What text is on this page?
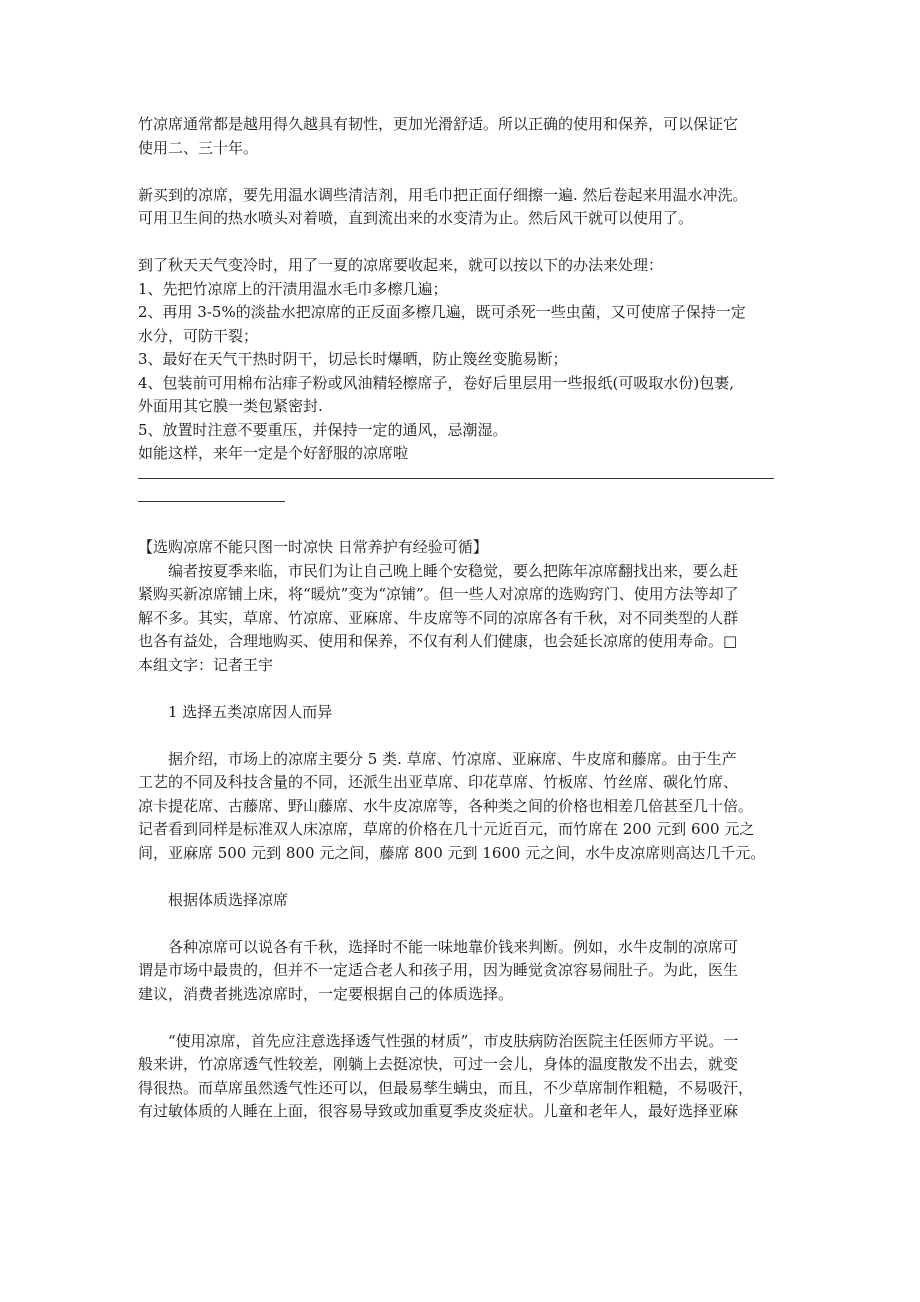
竹凉席通常都是越用得久越具有韧性，更加光滑舒适。所以正确的使用和保养，可以保证它
使用二、三十年。
新买到的凉席，要先用温水调些清洁剂，用毛巾把正面仔细擦一遍. 然后卷起来用温水冲洗。
可用卫生间的热水喷头对着喷，直到流出来的水变清为止。然后风干就可以使用了。
到了秋天天气变冷时，用了一夏的凉席要收起来，就可以按以下的办法来处理：
1、先把竹凉席上的汗渍用温水毛巾多檫几遍；
2、再用 3-5%的淡盐水把凉席的正反面多檫几遍，既可杀死一些虫菌，又可使席子保持一定
水分，可防干裂；
3、最好在天气干热时阴干，切忌长时爆晒，防止篾丝变脆易断；
4、包装前可用棉布沾痱子粉或风油精轻檫席子，卷好后里层用一些报纸(可吸取水份)包裹,
外面用其它膜一类包紧密封.
5、放置时注意不要重压，并保持一定的通风，忌潮湿。
如能这样，来年一定是个好舒服的凉席啦
【选购凉席不能只图一时凉快 日常养护有经验可循】
编者按夏季来临，市民们为让自己晚上睡个安稳觉，要么把陈年凉席翻找出来，要么赶
紧购买新凉席铺上床，将“暖炕”变为“凉铺”。但一些人对凉席的选购窍门、使用方法等却了
解不多。其实，草席、竹凉席、亚麻席、牛皮席等不同的凉席各有千秋，对不同类型的人群
也各有益处，合理地购买、使用和保养，不仅有利人们健康，也会延长凉席的使用寿命。□
本组文字：记者王宇
1 选择五类凉席因人而异
据介绍，市场上的凉席主要分 5 类. 草席、竹凉席、亚麻席、牛皮席和藤席。由于生产
工艺的不同及科技含量的不同，还派生出亚草席、印花草席、竹板席、竹丝席、碳化竹席、
凉卡提花席、古藤席、野山藤席、水牛皮凉席等，各种类之间的价格也相差几倍甚至几十倍。
记者看到同样是标准双人床凉席，草席的价格在几十元近百元，而竹席在 200 元到 600 元之
间，亚麻席 500 元到 800 元之间，藤席 800 元到 1600 元之间，水牛皮凉席则高达几千元。
根据体质选择凉席
各种凉席可以说各有千秋，选择时不能一味地靠价钱来判断。例如，水牛皮制的凉席可
谓是市场中最贵的，但并不一定适合老人和孩子用，因为睡觉贪凉容易闹肚子。为此，医生
建议，消费者挑选凉席时，一定要根据自己的体质选择。
“使用凉席，首先应注意选择透气性强的材质”，市皮肤病防治医院主任医师方平说。一
般来讲，竹凉席透气性较差，刚躺上去挺凉快，可过一会儿，身体的温度散发不出去，就变
得很热。而草席虽然透气性还可以，但最易孳生螨虫，而且，不少草席制作粗糙，不易吸汗，
有过敏体质的人睡在上面，很容易导致或加重夏季皮炎症状。儿童和老年人，最好选择亚麻
